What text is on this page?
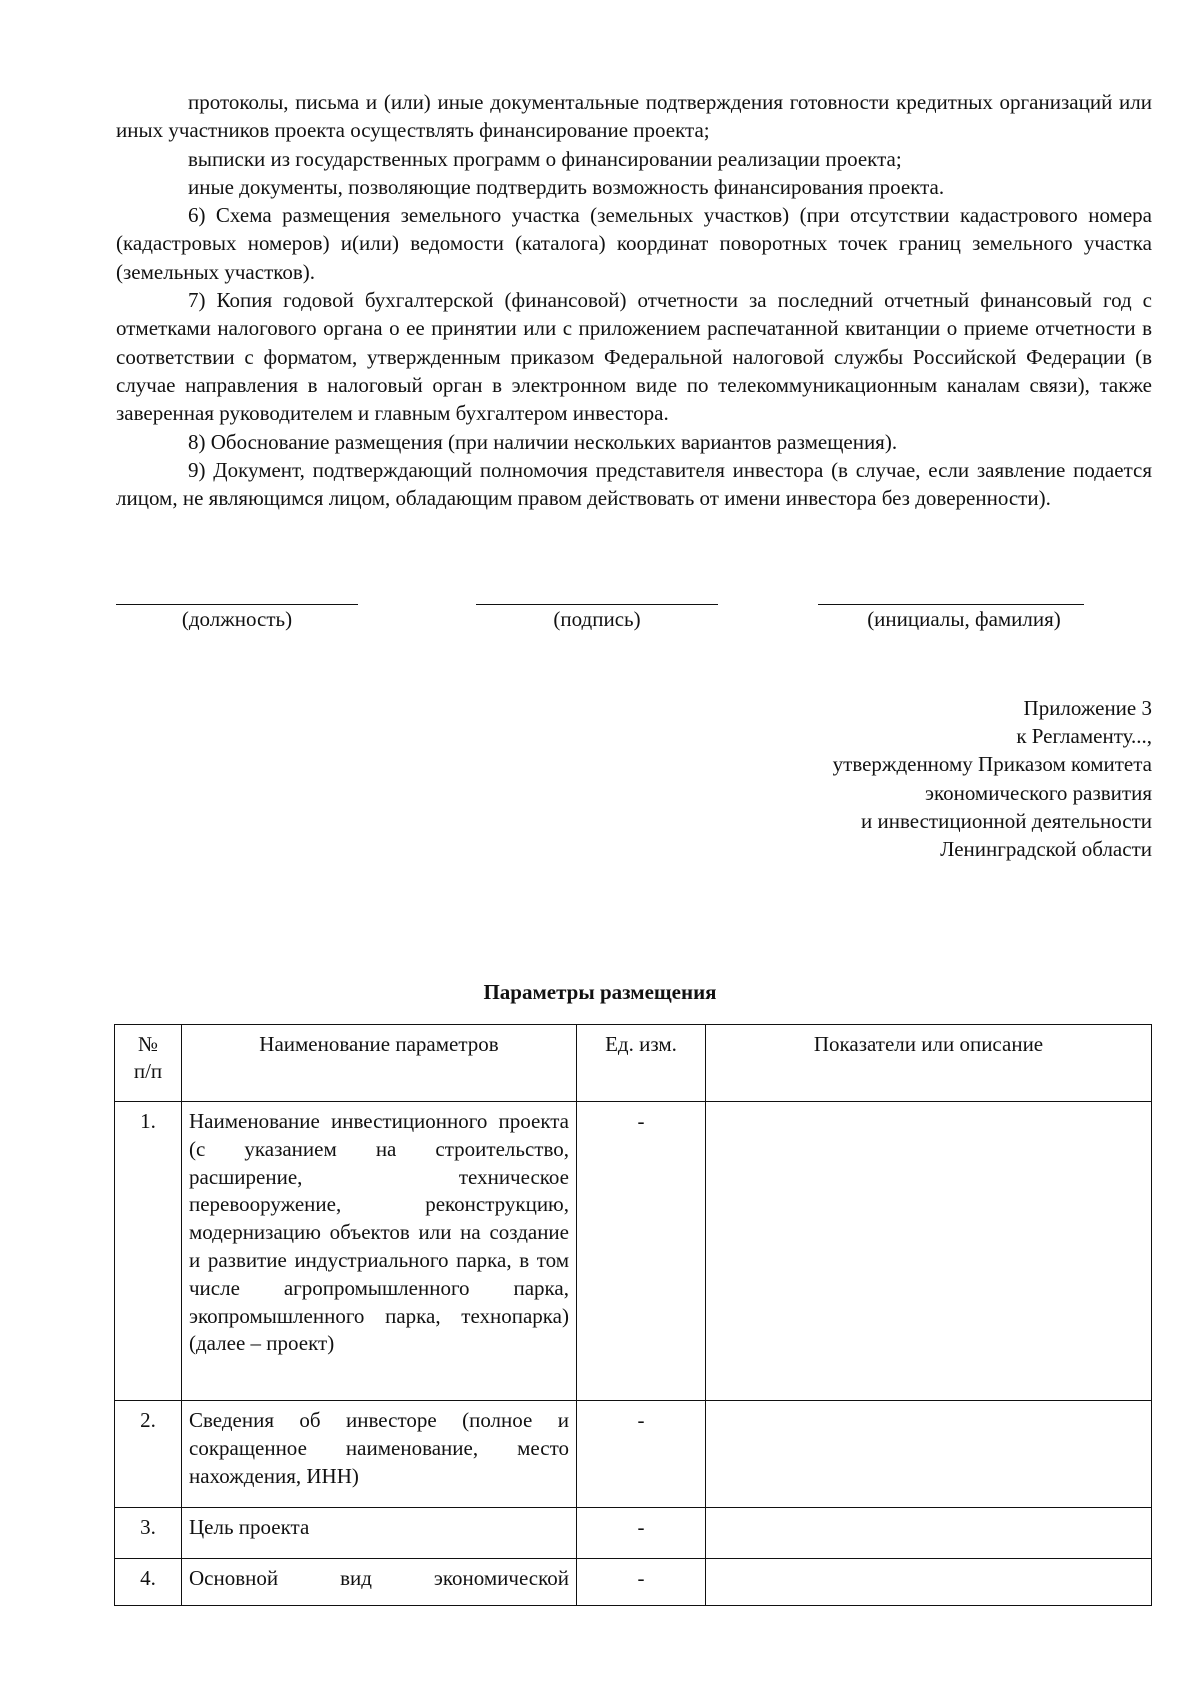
протоколы, письма и (или) иные документальные подтверждения готовности кредитных организаций или иных участников проекта осуществлять финансирование проекта;

выписки из государственных программ о финансировании реализации проекта;

иные документы, позволяющие подтвердить возможность финансирования проекта.

6) Схема размещения земельного участка (земельных участков) (при отсутствии кадастрового номера (кадастровых номеров) и(или) ведомости (каталога) координат поворотных точек границ земельного участка (земельных участков).

7) Копия годовой бухгалтерской (финансовой) отчетности за последний отчетный финансовый год с отметками налогового органа о ее принятии или с приложением распечатанной квитанции о приеме отчетности в соответствии с форматом, утвержденным приказом Федеральной налоговой службы Российской Федерации (в случае направления в налоговый орган в электронном виде по телекоммуникационным каналам связи), также заверенная руководителем и главным бухгалтером инвестора.

8) Обоснование размещения (при наличии нескольких вариантов размещения).

9) Документ, подтверждающий полномочия представителя инвестора (в случае, если заявление подается лицом, не являющимся лицом, обладающим правом действовать от имени инвестора без доверенности).

(должность)	(подпись)	(инициалы, фамилия)
Приложение 3
к Регламенту...,
утвержденному Приказом комитета
экономического развития
и инвестиционной деятельности
Ленинградской области
Параметры размещения
№ п/п	Наименование параметров	Ед. изм.	Показатели или описание
1.	Наименование инвестиционного проекта (с указанием на строительство, расширение, техническое перевооружение, реконструкцию, модернизацию объектов или на создание и развитие индустриального парка, в том числе агропромышленного парка, экопромышленного парка, технопарка) (далее – проект)	-	
2.	Сведения об инвесторе (полное и сокращенное наименование, место нахождения, ИНН)	-	
3.	Цель проекта	-	
4.	Основной вид экономической	-	
